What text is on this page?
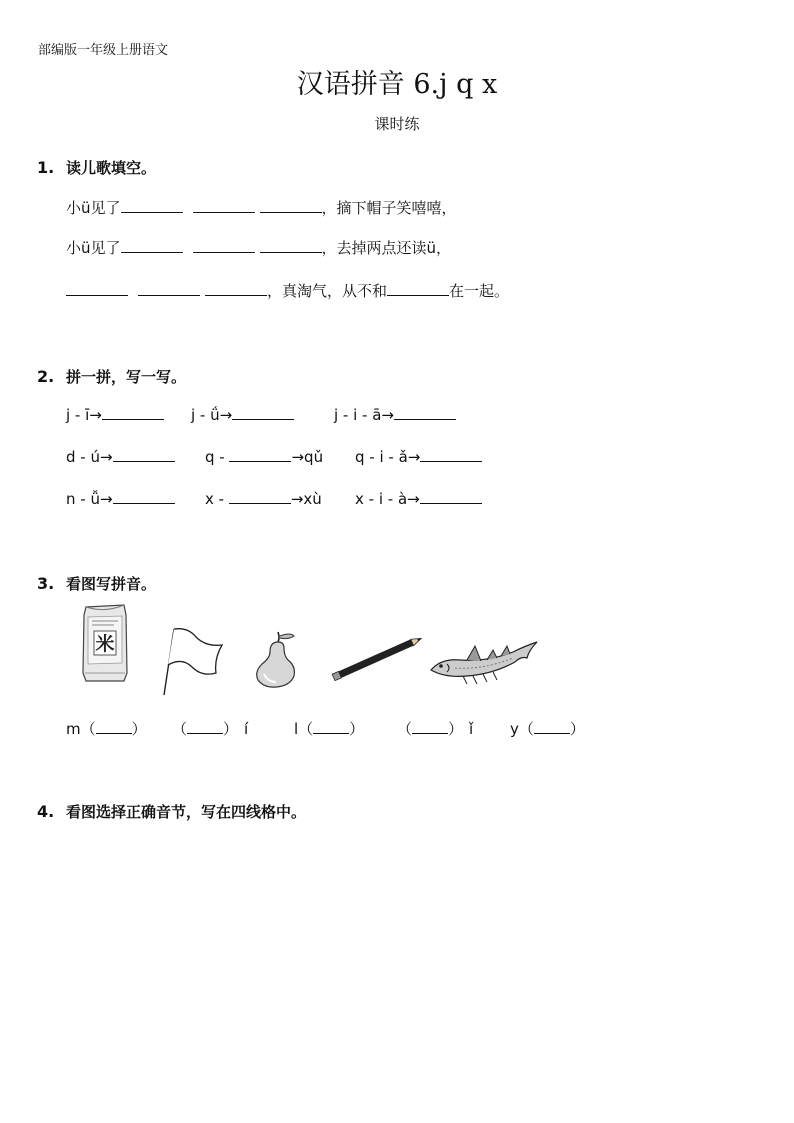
部编版一年级上册语文
汉语拼音 6.j q x
课时练
1. 读儿歌填空。
小ü见了	，摘下帽子笑嘻嘻，
小ü见了	，去掉两点还读ü，
，真淘气，从不和	在一起。
2. 拼一拼，写一写。
j - ī→	j - ǘ→	j - i - ā→
d - ú→	q -	→qǔ q - i - ǎ→
n - ǚ→	x -	→xù x - i - à→
3. 看图写拼音。
米
m（ ） （ ） í	l（ ） （ ） ǐ y（ ）
4. 看图选择正确音节，写在四线格中。
